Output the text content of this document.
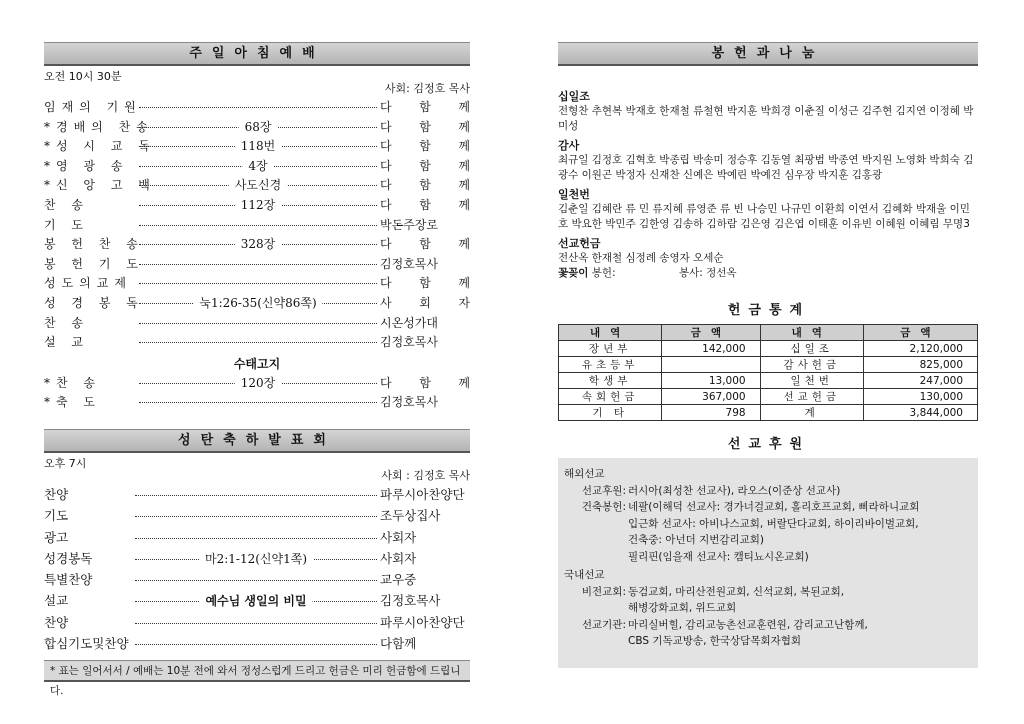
주일아침예배
오전 10시 30분
사회: 김정호 목사
임재의 기원	다 함 께
*경배의 찬송	68장	다 함 께
*성 시 교 독	118번	다 함 께
*영 광 송	4장	다 함 께
*신 앙 고 백	사도신경	다 함 께
찬 송	112장	다 함 께
기 도	박돈주장로
봉 헌 찬 송	328장	다 함 께
봉 헌 기 도	김정호목사
성도의교제	다 함 께
성 경 봉 독	눅1:26-35(신약86쪽)	사 회 자
찬 송	시온성가대
설 교	김정호목사
수태고지
*찬 송	120장	다 함 께
*축 도	김정호목사
성탄축하발표회
오후 7시
사회 : 김정호 목사
찬양	파루시아찬양단
기도	조두상집사
광고	사회자
성경봉독	마2:1-12(신약1쪽)	사회자
특별찬양	교우중
설교	예수님 생일의 비밀	김정호목사
찬양	파루시아찬양단
합심기도및찬양	다함께
* 표는 일어서서 / 예배는 10분 전에 와서 정성스럽게 드리고 헌금은 미리 헌금함에 드립니다.
봉헌과나눔
십일조
전형찬 추현복 박재호 한재철 류철현 박지훈 박희경 이춘질 이성근 김주현 김지연 이정혜 박미성
감사
최규일 김정호 김혁호 박종립 박송미 정승후 김동열 최팡범 박종연 박지원 노영화 박희숙 김광수 이원곤 박정자 신재찬 신예은 박예린 박예건 심우장 박지훈 김홍광
일천번
김춘일 김혜란 류 민 류지혜 류영준 류 빈 나승민 나규민 이환희 이연서 김혜화 박재울 이민호 박요한 박민주 김한영 김송하 김하람 김은영 김은엽 이태훈 이유빈 이혜원 이혜림 무명3
선교헌금
전산옥 한재철 심정례 송영자 오세순
꽃꽂이 봉헌:	봉사: 정선옥
헌금통계
내역	금액	내역	금액
장년부	142,000	십일조	2,120,000
유초등부		감사헌금	825,000
학생부	13,000	일천번	247,000
속회헌금	367,000	선교헌금	130,000
기 타	798	계	3,844,000
선교후원
해외선교
선교후원: 러시아(최성찬 선교사), 라오스(이준상 선교사)
건축봉헌: 네팔(이해덕 선교사: 경가너걸교회, 홀리호프교회, 삐라하니교회
입근화 선교사: 아비나스교회, 버랄단다교회, 하이리바이벌교회,
건축중: 아넌더 지번감리교회)
필리핀(임을재 선교사: 캠티뇨시온교회)
국내선교
비전교회: 동검교회, 마리산전원교회, 신석교회, 복된교회,
해병강화교회, 위드교회
선교기관: 마리실버힐, 감리교농촌선교훈련원, 감리교고난함께,
CBS 기독교방송, 한국상담목회자협회
